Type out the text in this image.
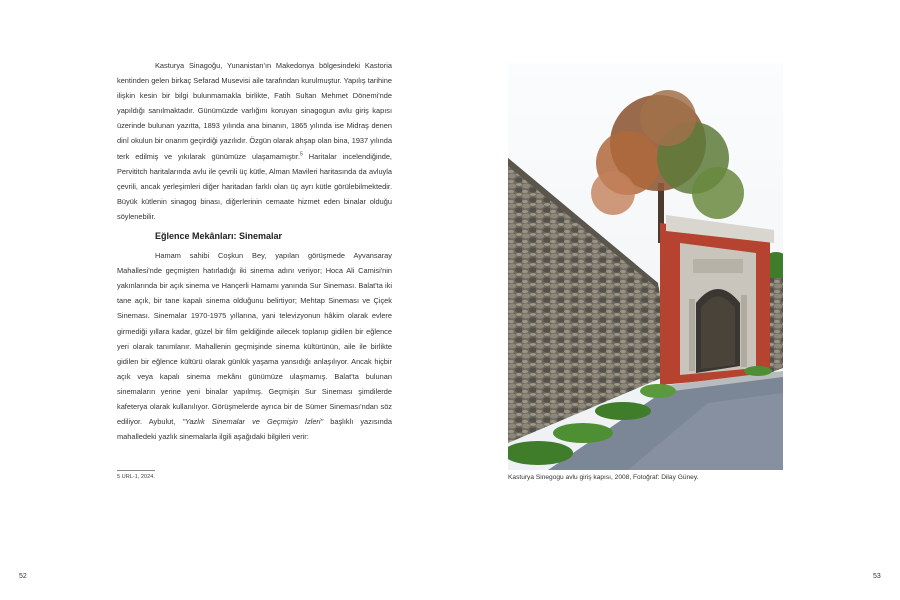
Kasturya Sinagoğu, Yunanistan'ın Makedonya bölgesindeki Kastoria kentinden gelen birkaç Sefarad Musevisi aile tarafından kurulmuştur. Yapılış tarihine ilişkin kesin bir bilgi bulunmamakla birlikte, Fatih Sultan Mehmet Dönemi'nde yapıldığı sanılmaktadır. Günümüzde varlığını koruyan sinagogun avlu giriş kapısı üzerinde bulunan yazıtta, 1893 yılında ana binanın, 1865 yılında ise Midraş denen dinî okulun bir onarım geçirdiği yazılıdır. Özgün olarak ahşap olan bina, 1937 yılında terk edilmiş ve yıkılarak günümüze ulaşamamıştır.$^5$ Haritalar incelendiğinde, Pervititch haritalarında avlu ile çevrili üç kütle, Alman Mavileri haritasında da avluyla çevrili, ancak yerleşimleri diğer haritadan farklı olan üç ayrı kütle görülebilmektedir. Büyük kütlenin sinagog binası, diğerlerinin cemaate hizmet eden binalar olduğu söylenebilir.

Eğlence Mekânları: Sinemalar

Hamam sahibi Coşkun Bey, yapılan görüşmede Ayvansaray Mahallesi'nde geçmişten hatırladığı iki sinema adını veriyor; Hoca Ali Camisi'nin yakınlarında bir açık sinema ve Hançerli Hamamı yanında Sur Sineması. Balat'ta iki tane açık, bir tane kapalı sinema olduğunu belirtiyor; Mehtap Sineması ve Çiçek Sineması. Sinemalar 1970-1975 yıllarına, yani televizyonun hâkim olarak evlere girmediği yıllara kadar, güzel bir film geldiğinde ailecek toplanıp gidilen bir eğlence yeri olarak tanımlanır. Mahallenin geçmişinde sinema kültürünün, aile ile birlikte gidilen bir eğlence kültürü olarak günlük yaşama yansıdığı anlaşılıyor. Ancak hiçbir açık veya kapalı sinema mekânı günümüze ulaşmamış. Balat'ta bulunan sinemaların yerine yeni binalar yapılmış. Geçmişin Sur Sineması şimdilerde kafeterya olarak kullanılıyor. Görüşmelerde ayrıca bir de Sümer Sineması'ndan söz ediliyor. Aybulut, "Yazlık Sinemalar ve Geçmişin İzleri" başlıklı yazısında mahalledeki yazlık sinemalarla ilgili aşağıdaki bilgileri verir:

5 URL-1, 2024.
52
Kasturya Sinegogu avlu giriş kapısı, 2008, Fotoğraf: Dilay Güney.
53
